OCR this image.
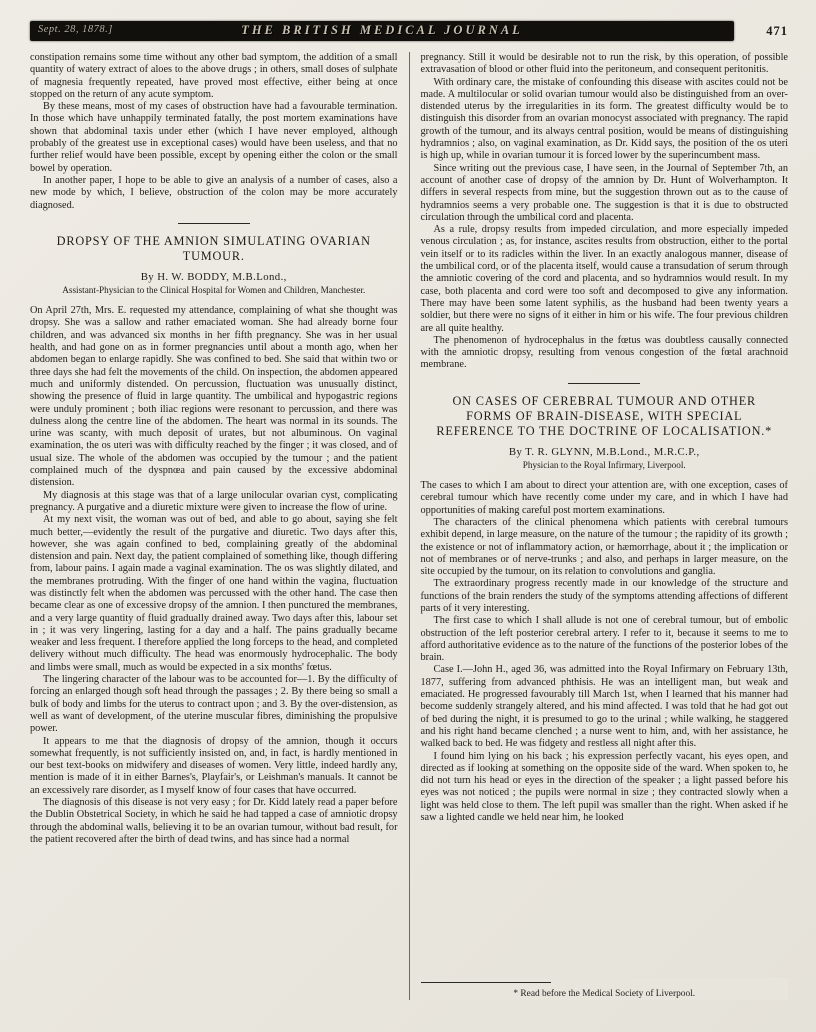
Sept. 28, 1878.]	THE BRITISH MEDICAL JOURNAL	471

constipation remains some time without any other bad symptom, the addition of a small quantity of watery extract of aloes to the above drugs ; in others, small doses of sulphate of magnesia frequently repeated, have proved most effective, either being at once stopped on the return of any acute symptom.

By these means, most of my cases of obstruction have had a favourable termination. In those which have unhappily terminated fatally, the post mortem examinations have shown that abdominal taxis under ether (which I have never employed, although probably of the greatest use in exceptional cases) would have been useless, and that no further relief would have been possible, except by opening either the colon or the small bowel by operation.

In another paper, I hope to be able to give an analysis of a number of cases, also a new mode by which, I believe, obstruction of the colon may be more accurately diagnosed.

DROPSY OF THE AMNION SIMULATING OVARIAN TUMOUR.

By H. W. BODDY, M.B.Lond.,

Assistant-Physician to the Clinical Hospital for Women and Children, Manchester.

On April 27th, Mrs. E. requested my attendance, complaining of what she thought was dropsy. She was a sallow and rather emaciated woman. She had already borne four children, and was advanced six months in her fifth pregnancy. She was in her usual health, and had gone on as in former pregnancies until about a month ago, when her abdomen began to enlarge rapidly. She was confined to bed. She said that within two or three days she had felt the movements of the child. On inspection, the abdomen appeared much and uniformly distended. On percussion, fluctuation was unusually distinct, showing the presence of fluid in large quantity. The umbilical and hypogastric regions were unduly prominent ; both iliac regions were resonant to percussion, and there was dulness along the centre line of the abdomen. The heart was normal in its sounds. The urine was scanty, with much deposit of urates, but not albuminous. On vaginal examination, the os uteri was with difficulty reached by the finger ; it was closed, and of usual size. The whole of the abdomen was occupied by the tumour ; and the patient complained much of the dyspnœa and pain caused by the excessive abdominal distension.

My diagnosis at this stage was that of a large unilocular ovarian cyst, complicating pregnancy. A purgative and a diuretic mixture were given to increase the flow of urine.

At my next visit, the woman was out of bed, and able to go about, saying she felt much better,—evidently the result of the purgative and diuretic. Two days after this, however, she was again confined to bed, complaining greatly of the abdominal distension and pain. Next day, the patient complained of something like, though differing from, labour pains. I again made a vaginal examination. The os was slightly dilated, and the membranes protruding. With the finger of one hand within the vagina, fluctuation was distinctly felt when the abdomen was percussed with the other hand. The case then became clear as one of excessive dropsy of the amnion. I then punctured the membranes, and a very large quantity of fluid gradually drained away. Two days after this, labour set in ; it was very lingering, lasting for a day and a half. The pains gradually became weaker and less frequent. I therefore applied the long forceps to the head, and completed delivery without much difficulty. The head was enormously hydrocephalic. The body and limbs were small, much as would be expected in a six months' fœtus.

The lingering character of the labour was to be accounted for—1. By the difficulty of forcing an enlarged though soft head through the passages ; 2. By there being so small a bulk of body and limbs for the uterus to contract upon ; and 3. By the over-distension, as well as want of development, of the uterine muscular fibres, diminishing the propulsive power.

It appears to me that the diagnosis of dropsy of the amnion, though it occurs somewhat frequently, is not sufficiently insisted on, and, in fact, is hardly mentioned in our best text-books on midwifery and diseases of women. Very little, indeed hardly any, mention is made of it in either Barnes's, Playfair's, or Leishman's manuals. It cannot be an excessively rare disorder, as I myself know of four cases that have occurred.

The diagnosis of this disease is not very easy ; for Dr. Kidd lately read a paper before the Dublin Obstetrical Society, in which he said he had tapped a case of amniotic dropsy through the abdominal walls, believing it to be an ovarian tumour, without bad result, for the patient recovered after the birth of dead twins, and has since had a normal

pregnancy. Still it would be desirable not to run the risk, by this operation, of possible extravasation of blood or other fluid into the peritoneum, and consequent peritonitis.

With ordinary care, the mistake of confounding this disease with ascites could not be made. A multilocular or solid ovarian tumour would also be distinguished from an over-distended uterus by the irregularities in its form. The greatest difficulty would be to distinguish this disorder from an ovarian monocyst associated with pregnancy. The rapid growth of the tumour, and its always central position, would be means of distinguishing hydramnios ; also, on vaginal examination, as Dr. Kidd says, the position of the os uteri is high up, while in ovarian tumour it is forced lower by the superincumbent mass.

Since writing out the previous case, I have seen, in the Journal of September 7th, an account of another case of dropsy of the amnion by Dr. Hunt of Wolverhampton. It differs in several respects from mine, but the suggestion thrown out as to the cause of hydramnios seems a very probable one. The suggestion is that it is due to obstructed circulation through the umbilical cord and placenta.

As a rule, dropsy results from impeded circulation, and more especially impeded venous circulation ; as, for instance, ascites results from obstruction, either to the portal vein itself or to its radicles within the liver. In an exactly analogous manner, disease of the umbilical cord, or of the placenta itself, would cause a transudation of serum through the amniotic covering of the cord and placenta, and so hydramnios would result. In my case, both placenta and cord were too soft and decomposed to give any information. There may have been some latent syphilis, as the husband had been twenty years a soldier, but there were no signs of it either in him or his wife. The four previous children are all quite healthy.

The phenomenon of hydrocephalus in the fœtus was doubtless causally connected with the amniotic dropsy, resulting from venous congestion of the fœtal arachnoid membrane.

ON CASES OF CEREBRAL TUMOUR AND OTHER FORMS OF BRAIN-DISEASE, WITH SPECIAL REFERENCE TO THE DOCTRINE OF LOCALISATION.*

By T. R. GLYNN, M.B.Lond., M.R.C.P.,

Physician to the Royal Infirmary, Liverpool.

The cases to which I am about to direct your attention are, with one exception, cases of cerebral tumour which have recently come under my care, and in which I have had opportunities of making careful post mortem examinations.

The characters of the clinical phenomena which patients with cerebral tumours exhibit depend, in large measure, on the nature of the tumour ; the rapidity of its growth ; the existence or not of inflammatory action, or hæmorrhage, about it ; the implication or not of membranes or of nerve-trunks ; and also, and perhaps in larger measure, on the site occupied by the tumour, on its relation to convolutions and ganglia.

The extraordinary progress recently made in our knowledge of the structure and functions of the brain renders the study of the symptoms attending affections of different parts of it very interesting.

The first case to which I shall allude is not one of cerebral tumour, but of embolic obstruction of the left posterior cerebral artery. I refer to it, because it seems to me to afford authoritative evidence as to the nature of the functions of the posterior lobes of the brain.

Case I.—John H., aged 36, was admitted into the Royal Infirmary on February 13th, 1877, suffering from advanced phthisis. He was an intelligent man, but weak and emaciated. He progressed favourably till March 1st, when I learned that his manner had become suddenly strangely altered, and his mind affected. I was told that he had got out of bed during the night, it is presumed to go to the urinal ; while walking, he staggered and his right hand became clenched ; a nurse went to him, and, with her assistance, he walked back to bed. He was fidgety and restless all night after this.

I found him lying on his back ; his expression perfectly vacant, his eyes open, and directed as if looking at something on the opposite side of the ward. When spoken to, he did not turn his head or eyes in the direction of the speaker ; a light passed before his eyes was not noticed ; the pupils were normal in size ; they contracted slowly when a light was held close to them. The left pupil was smaller than the right. When asked if he saw a lighted candle we held near him, he looked

* Read before the Medical Society of Liverpool.
